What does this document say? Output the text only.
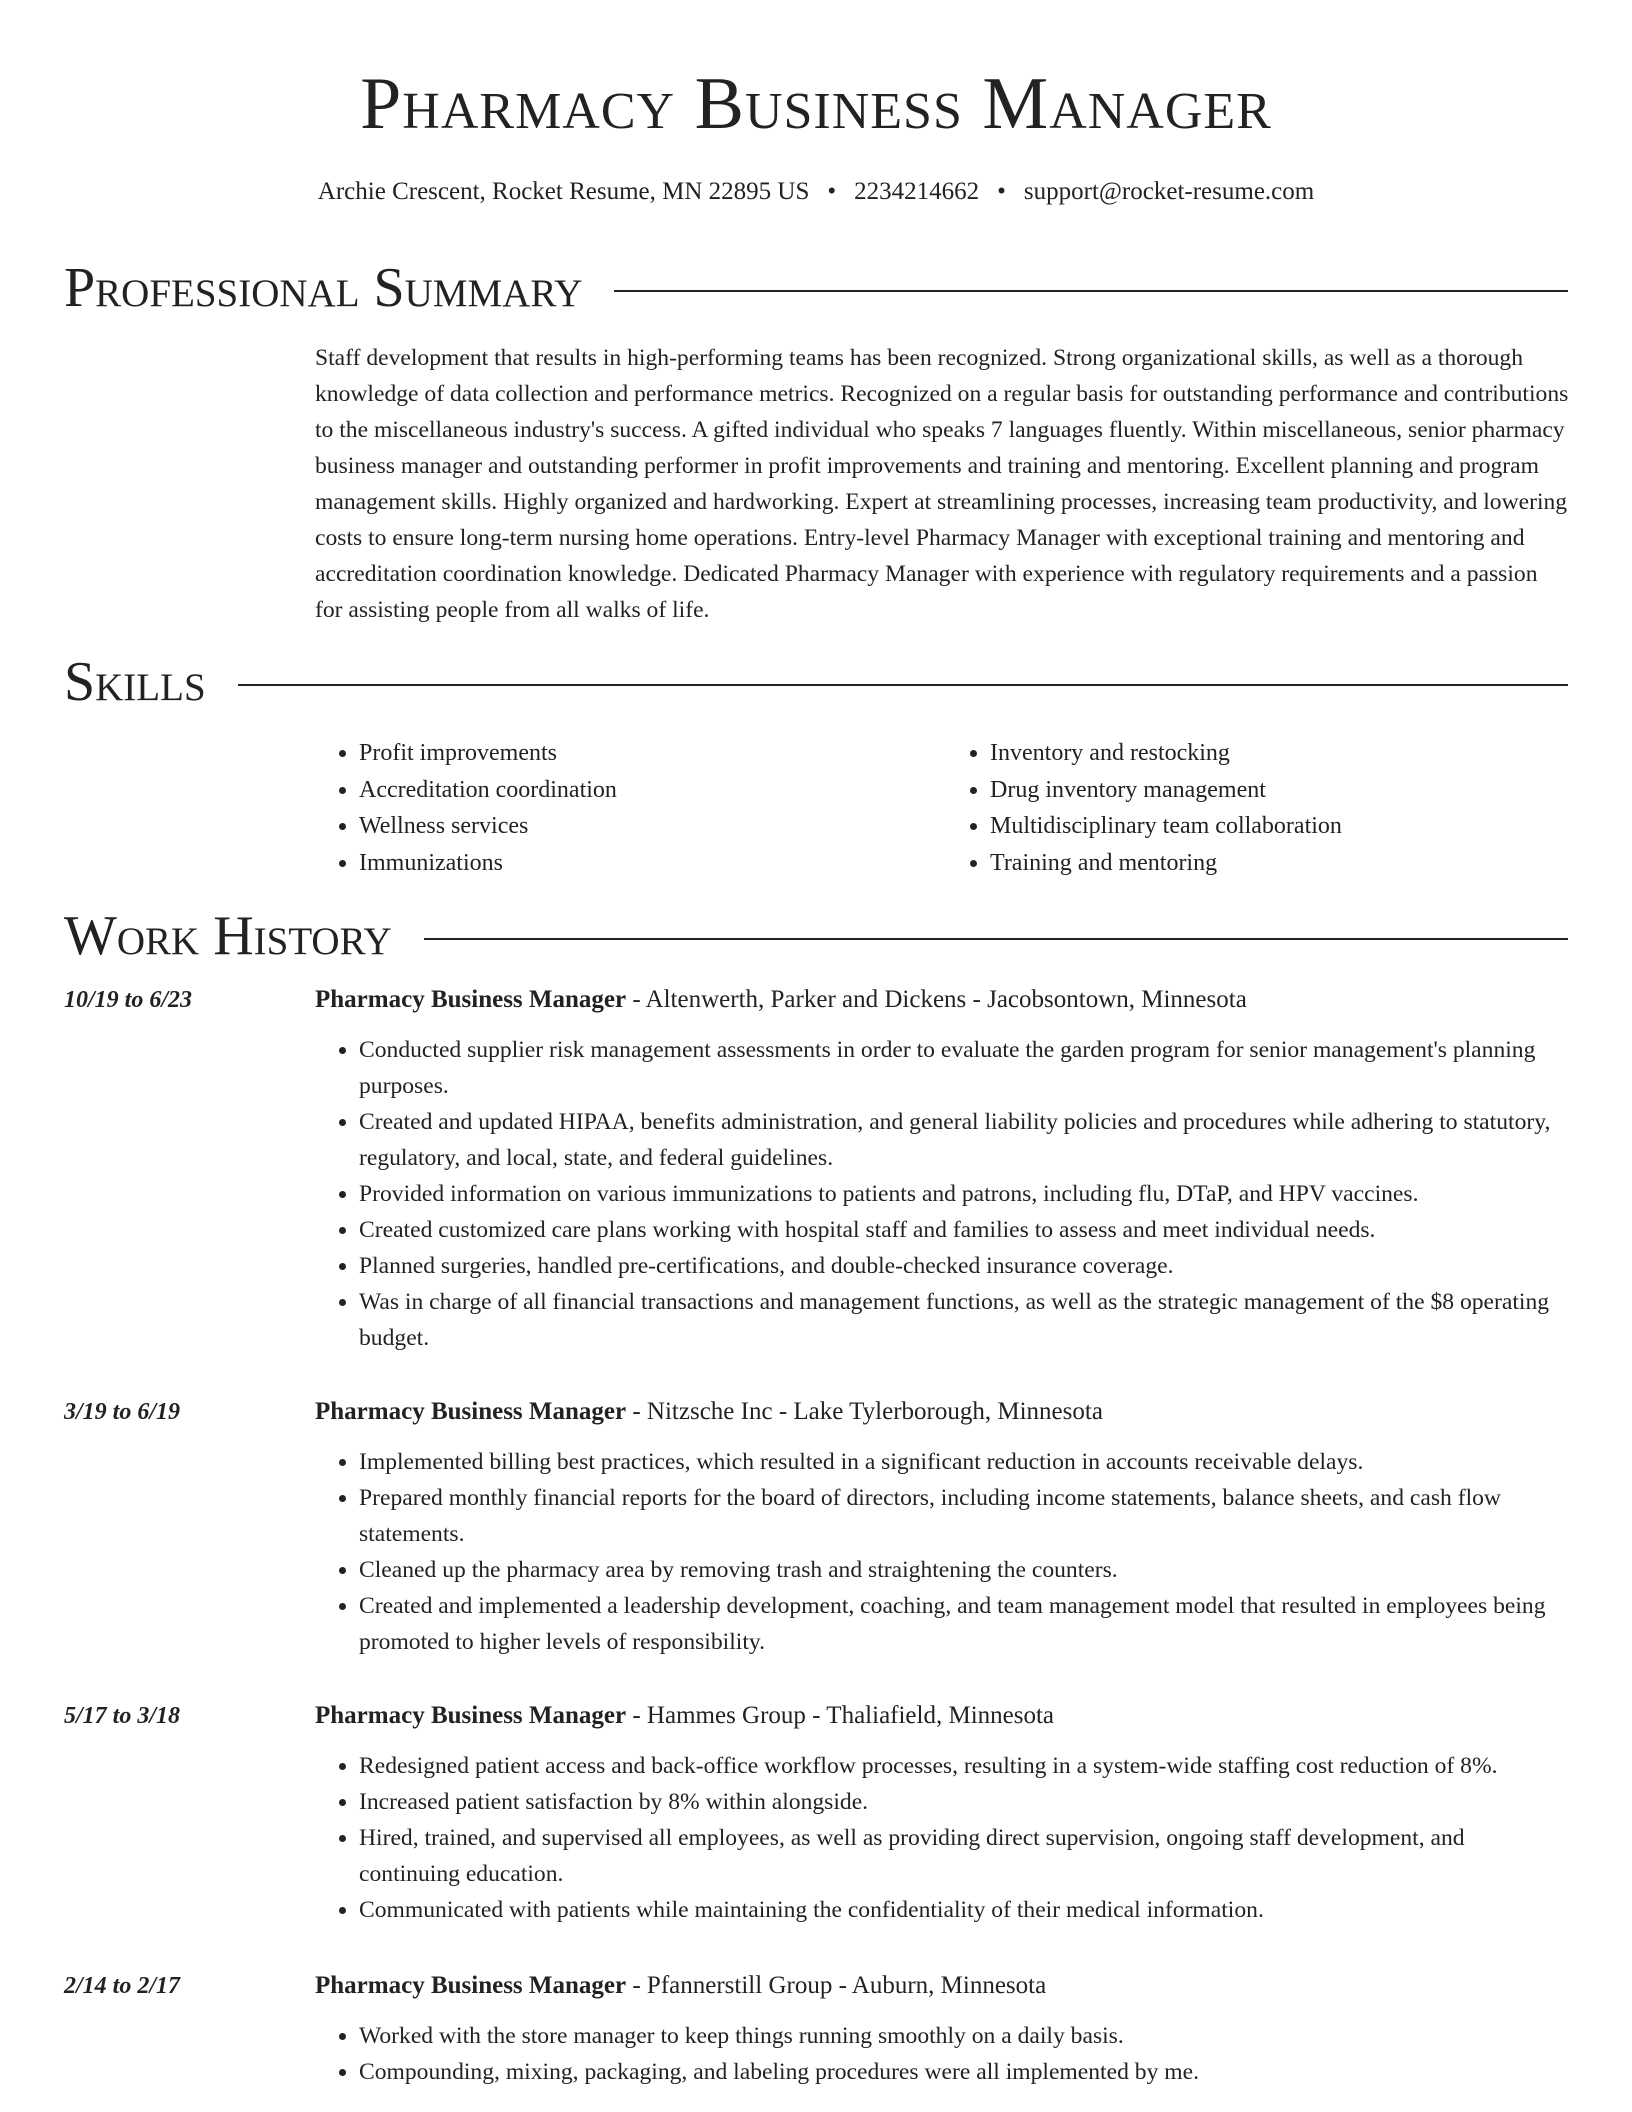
Pharmacy Business Manager
Archie Crescent, Rocket Resume, MN 22895 US • 2234214662 • support@rocket-resume.com
Professional Summary
Staff development that results in high-performing teams has been recognized. Strong organizational skills, as well as a thorough knowledge of data collection and performance metrics. Recognized on a regular basis for outstanding performance and contributions to the miscellaneous industry's success. A gifted individual who speaks 7 languages fluently. Within miscellaneous, senior pharmacy business manager and outstanding performer in profit improvements and training and mentoring. Excellent planning and program management skills. Highly organized and hardworking. Expert at streamlining processes, increasing team productivity, and lowering costs to ensure long-term nursing home operations. Entry-level Pharmacy Manager with exceptional training and mentoring and accreditation coordination knowledge. Dedicated Pharmacy Manager with experience with regulatory requirements and a passion for assisting people from all walks of life.
Skills
• Profit improvements
• Accreditation coordination
• Wellness services
• Immunizations
• Inventory and restocking
• Drug inventory management
• Multidisciplinary team collaboration
• Training and mentoring
Work History
10/19 to 6/23	Pharmacy Business Manager - Altenwerth, Parker and Dickens - Jacobsontown, Minnesota
• Conducted supplier risk management assessments in order to evaluate the garden program for senior management's planning purposes.
• Created and updated HIPAA, benefits administration, and general liability policies and procedures while adhering to statutory, regulatory, and local, state, and federal guidelines.
• Provided information on various immunizations to patients and patrons, including flu, DTaP, and HPV vaccines.
• Created customized care plans working with hospital staff and families to assess and meet individual needs.
• Planned surgeries, handled pre-certifications, and double-checked insurance coverage.
• Was in charge of all financial transactions and management functions, as well as the strategic management of the $8 operating budget.
3/19 to 6/19	Pharmacy Business Manager - Nitzsche Inc - Lake Tylerborough, Minnesota
• Implemented billing best practices, which resulted in a significant reduction in accounts receivable delays.
• Prepared monthly financial reports for the board of directors, including income statements, balance sheets, and cash flow statements.
• Cleaned up the pharmacy area by removing trash and straightening the counters.
• Created and implemented a leadership development, coaching, and team management model that resulted in employees being promoted to higher levels of responsibility.
5/17 to 3/18	Pharmacy Business Manager - Hammes Group - Thaliafield, Minnesota
• Redesigned patient access and back-office workflow processes, resulting in a system-wide staffing cost reduction of 8%.
• Increased patient satisfaction by 8% within alongside.
• Hired, trained, and supervised all employees, as well as providing direct supervision, ongoing staff development, and continuing education.
• Communicated with patients while maintaining the confidentiality of their medical information.
2/14 to 2/17	Pharmacy Business Manager - Pfannerstill Group - Auburn, Minnesota
• Worked with the store manager to keep things running smoothly on a daily basis.
• Compounding, mixing, packaging, and labeling procedures were all implemented by me.
